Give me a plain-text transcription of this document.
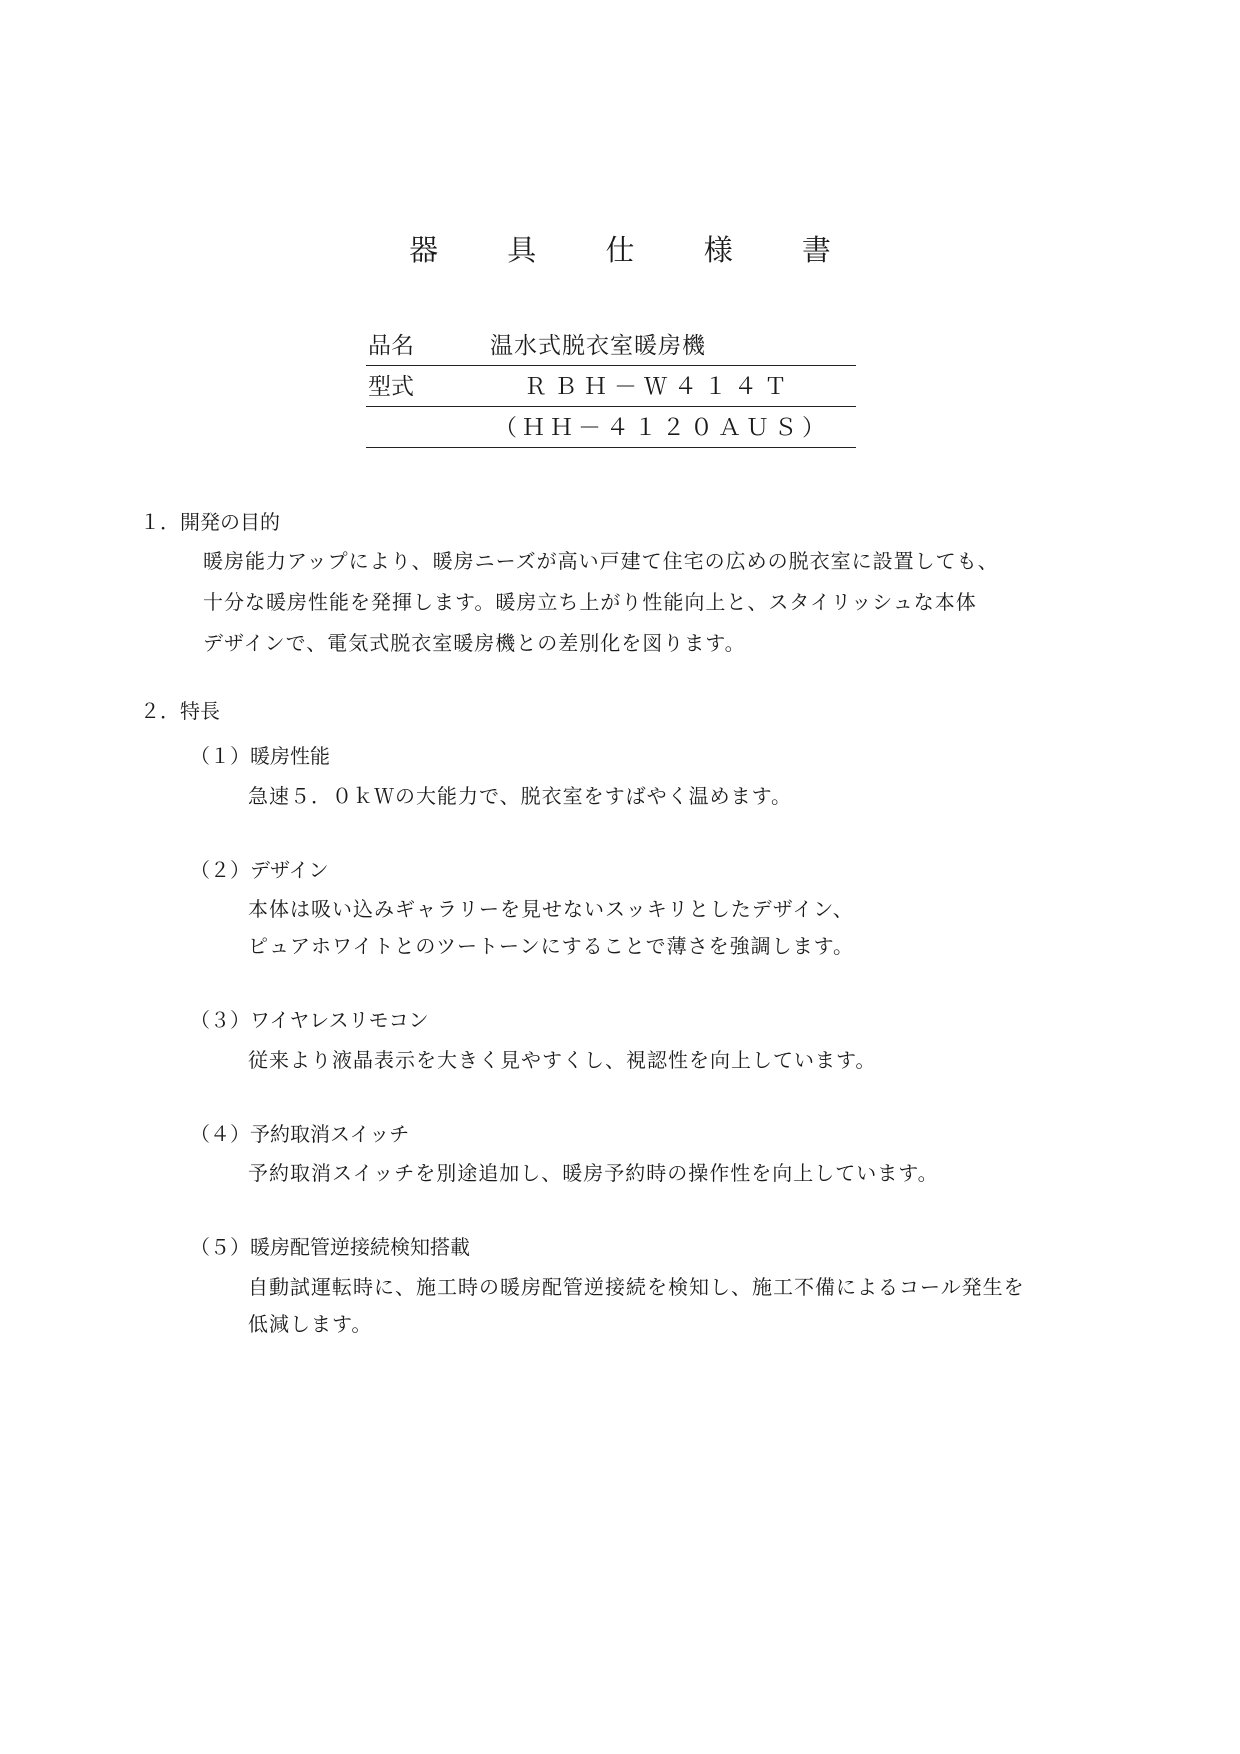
器 具 仕 様 書
品名	温水式脱衣室暖房機
型式	ＲＢＨ－Ｗ４１４Ｔ
（ＨＨ－４１２０ＡＵＳ）
１．開発の目的
暖房能力アップにより、暖房ニーズが高い戸建て住宅の広めの脱衣室に設置しても、
十分な暖房性能を発揮します。暖房立ち上がり性能向上と、スタイリッシュな本体
デザインで、電気式脱衣室暖房機との差別化を図ります。
２．特長
（１）暖房性能
急速５．０ｋＷの大能力で、脱衣室をすばやく温めます。
（２）デザイン
本体は吸い込みギャラリーを見せないスッキリとしたデザイン、
ピュアホワイトとのツートーンにすることで薄さを強調します。
（３）ワイヤレスリモコン
従来より液晶表示を大きく見やすくし、視認性を向上しています。
（４）予約取消スイッチ
予約取消スイッチを別途追加し、暖房予約時の操作性を向上しています。
（５）暖房配管逆接続検知搭載
自動試運転時に、施工時の暖房配管逆接続を検知し、施工不備によるコール発生を
低減します。
